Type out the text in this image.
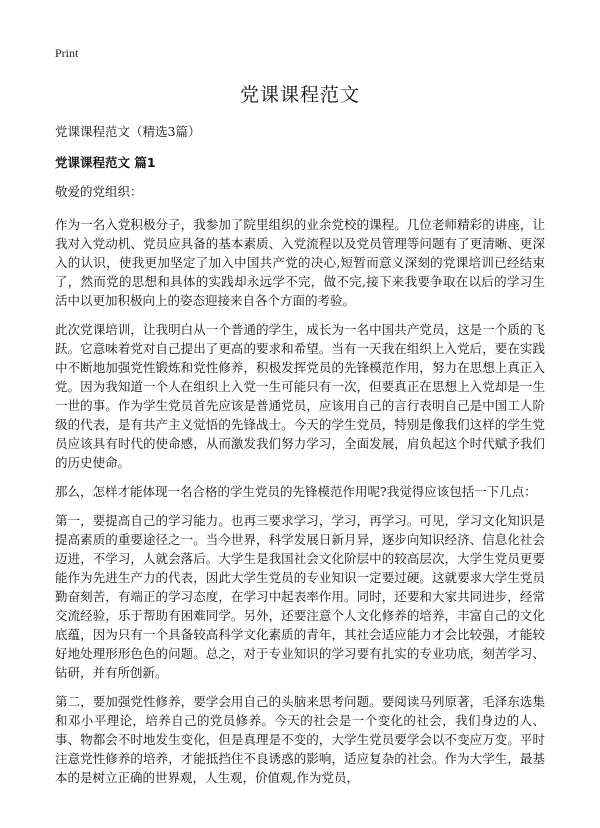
Print
党课课程范文

党课课程范文（精选3篇）

党课课程范文 篇1

敬爱的党组织：

作为一名入党积极分子，我参加了院里组织的业余党校的课程。几位老师精彩的讲座，让我对入党动机、党员应具备的基本素质、入党流程以及党员管理等问题有了更清晰、更深入的认识，使我更加坚定了加入中国共产党的决心,短暂而意义深刻的党课培训已经结束了，然而党的思想和具体的实践却永远学不完，做不完,接下来我要争取在以后的学习生活中以更加积极向上的姿态迎接来自各个方面的考验。

此次党课培训，让我明白从一个普通的学生，成长为一名中国共产党员，这是一个质的飞跃。它意味着党对自己提出了更高的要求和希望。当有一天我在组织上入党后，要在实践中不断地加强党性锻炼和党性修养，积极发挥党员的先锋模范作用，努力在思想上真正入党。因为我知道一个人在组织上入党一生可能只有一次，但要真正在思想上入党却是一生一世的事。作为学生党员首先应该是普通党员，应该用自己的言行表明自己是中国工人阶级的代表，是有共产主义觉悟的先锋战士。今天的学生党员，特别是像我们这样的学生党员应该具有时代的使命感，从而激发我们努力学习，全面发展，肩负起这个时代赋予我们的历史使命。

那么，怎样才能体现一名合格的学生党员的先锋模范作用呢?我觉得应该包括一下几点：

第一，要提高自己的学习能力。也再三要求学习，学习，再学习。可见，学习文化知识是提高素质的重要途径之一。当今世界，科学发展日新月异，逐步向知识经济、信息化社会迈进，不学习，人就会落后。大学生是我国社会文化阶层中的较高层次，大学生党员更要能作为先进生产力的代表，因此大学生党员的专业知识一定要过硬。这就要求大学生党员勤奋刻苦，有端正的学习态度，在学习中起表率作用。同时，还要和大家共同进步，经常交流经验，乐于帮助有困难同学。另外，还要注意个人文化修养的培养，丰富自己的文化底蕴，因为只有一个具备较高科学文化素质的青年，其社会适应能力才会比较强，才能较好地处理形形色色的问题。总之，对于专业知识的学习要有扎实的专业功底，刻苦学习、钻研，并有所创新。

第二，要加强党性修养，要学会用自己的头脑来思考问题。要阅读马列原著，毛泽东选集和邓小平理论，培养自己的党员修养。今天的社会是一个变化的社会，我们身边的人、事、物都会不时地发生变化，但是真理是不变的，大学生党员要学会以不变应万变。平时注意党性修养的培养，才能抵挡住不良诱惑的影响，适应复杂的社会。作为大学生，最基本的是树立正确的世界观，人生观，价值观,作为党员，
